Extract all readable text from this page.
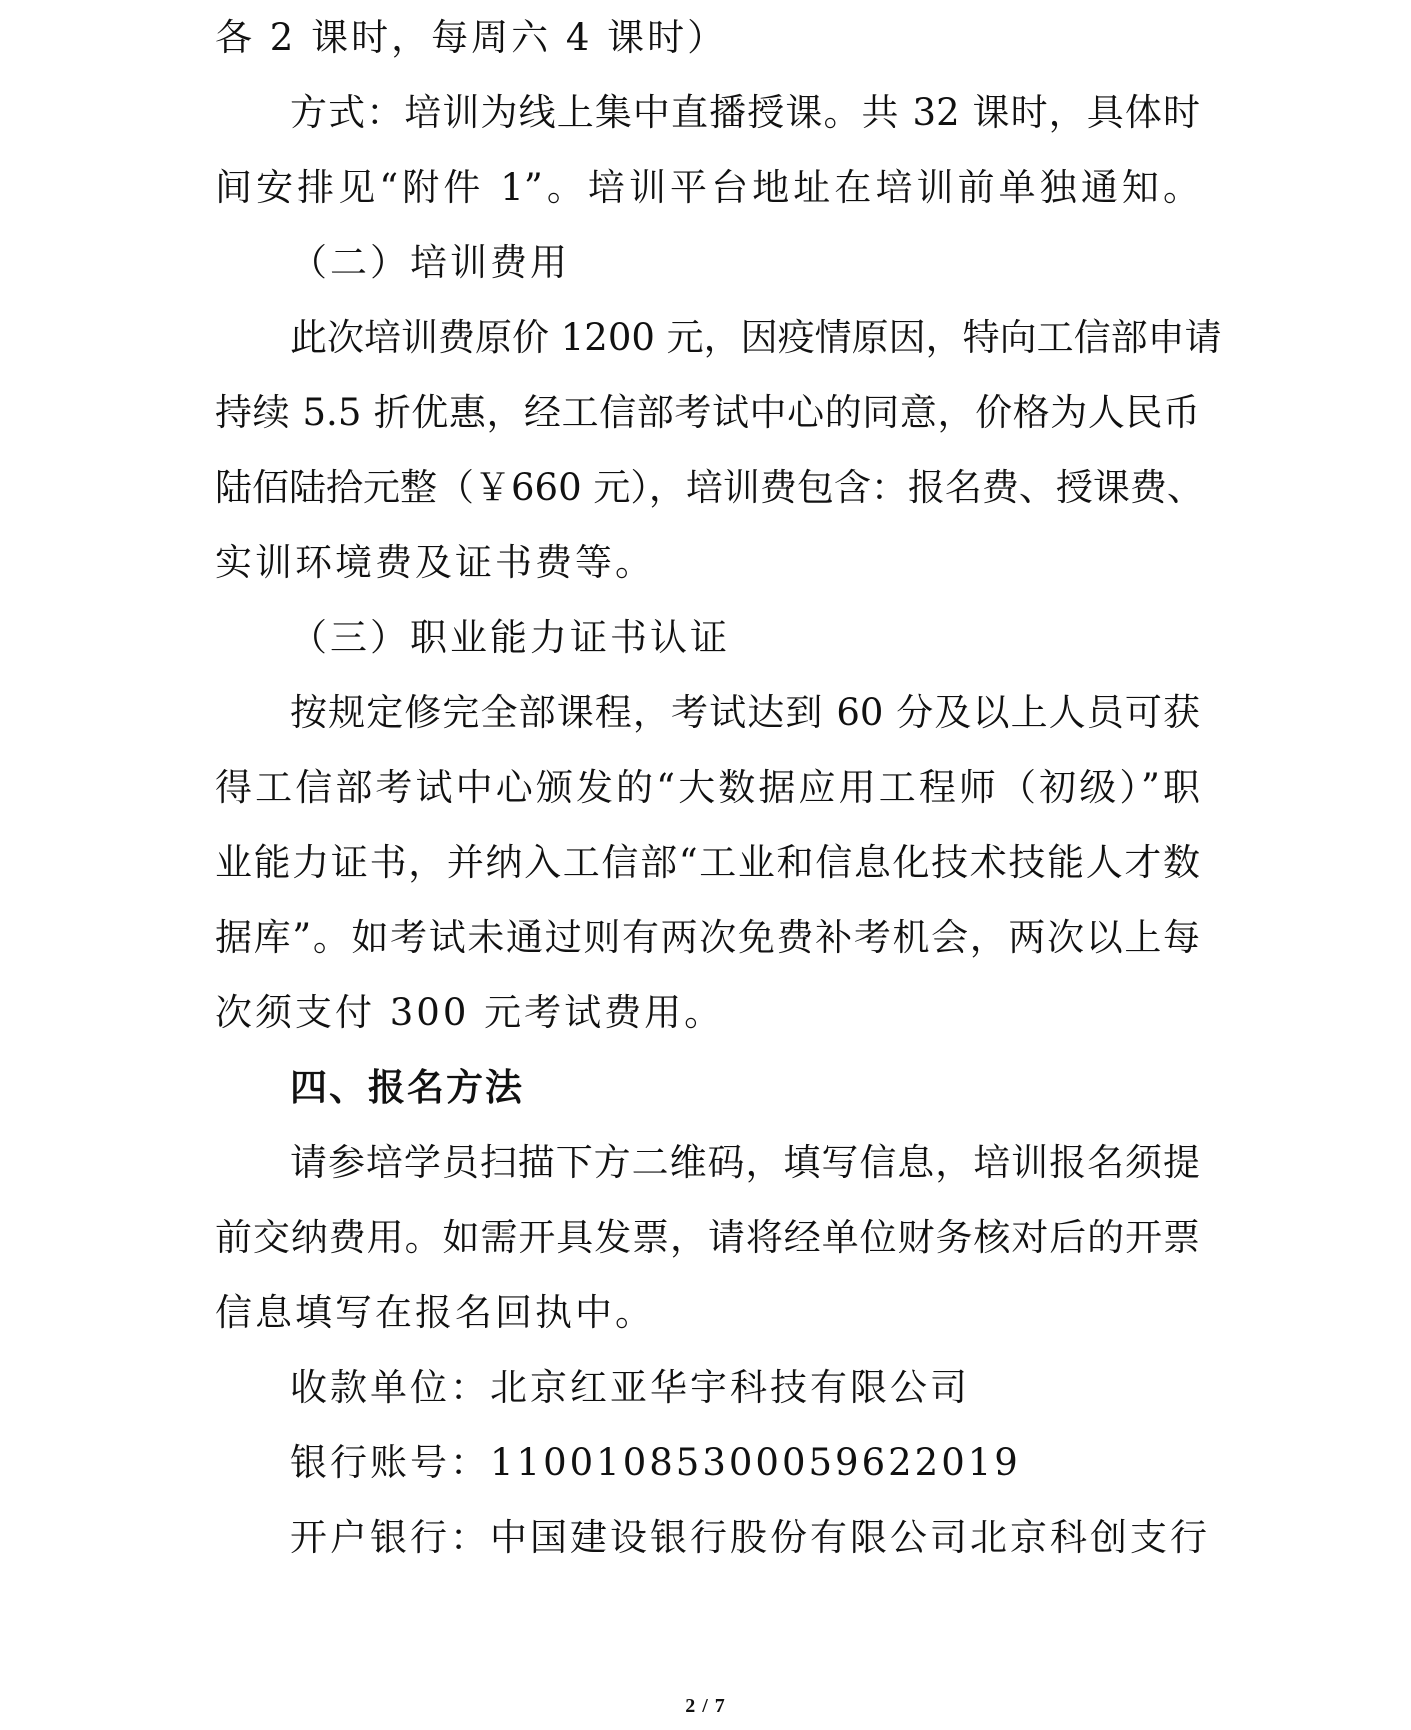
各 2 课时，每周六 4 课时）
方式：培训为线上集中直播授课。共 32 课时，具体时
间安排见“附件 1”。培训平台地址在培训前单独通知。
（二）培训费用
此次培训费原价 1200 元，因疫情原因，特向工信部申请
持续 5.5 折优惠，经工信部考试中心的同意，价格为人民币
陆佰陆拾元整（￥660 元），培训费包含：报名费、授课费、
实训环境费及证书费等。
（三）职业能力证书认证
按规定修完全部课程，考试达到 60 分及以上人员可获
得工信部考试中心颁发的“大数据应用工程师（初级）”职
业能力证书，并纳入工信部“工业和信息化技术技能人才数
据库”。如考试未通过则有两次免费补考机会，两次以上每
次须支付 300 元考试费用。
四、报名方法
请参培学员扫描下方二维码，填写信息，培训报名须提
前交纳费用。如需开具发票，请将经单位财务核对后的开票
信息填写在报名回执中。
收款单位：北京红亚华宇科技有限公司
银行账号：11001085300059622019
开户银行：中国建设银行股份有限公司北京科创支行
2 / 7
